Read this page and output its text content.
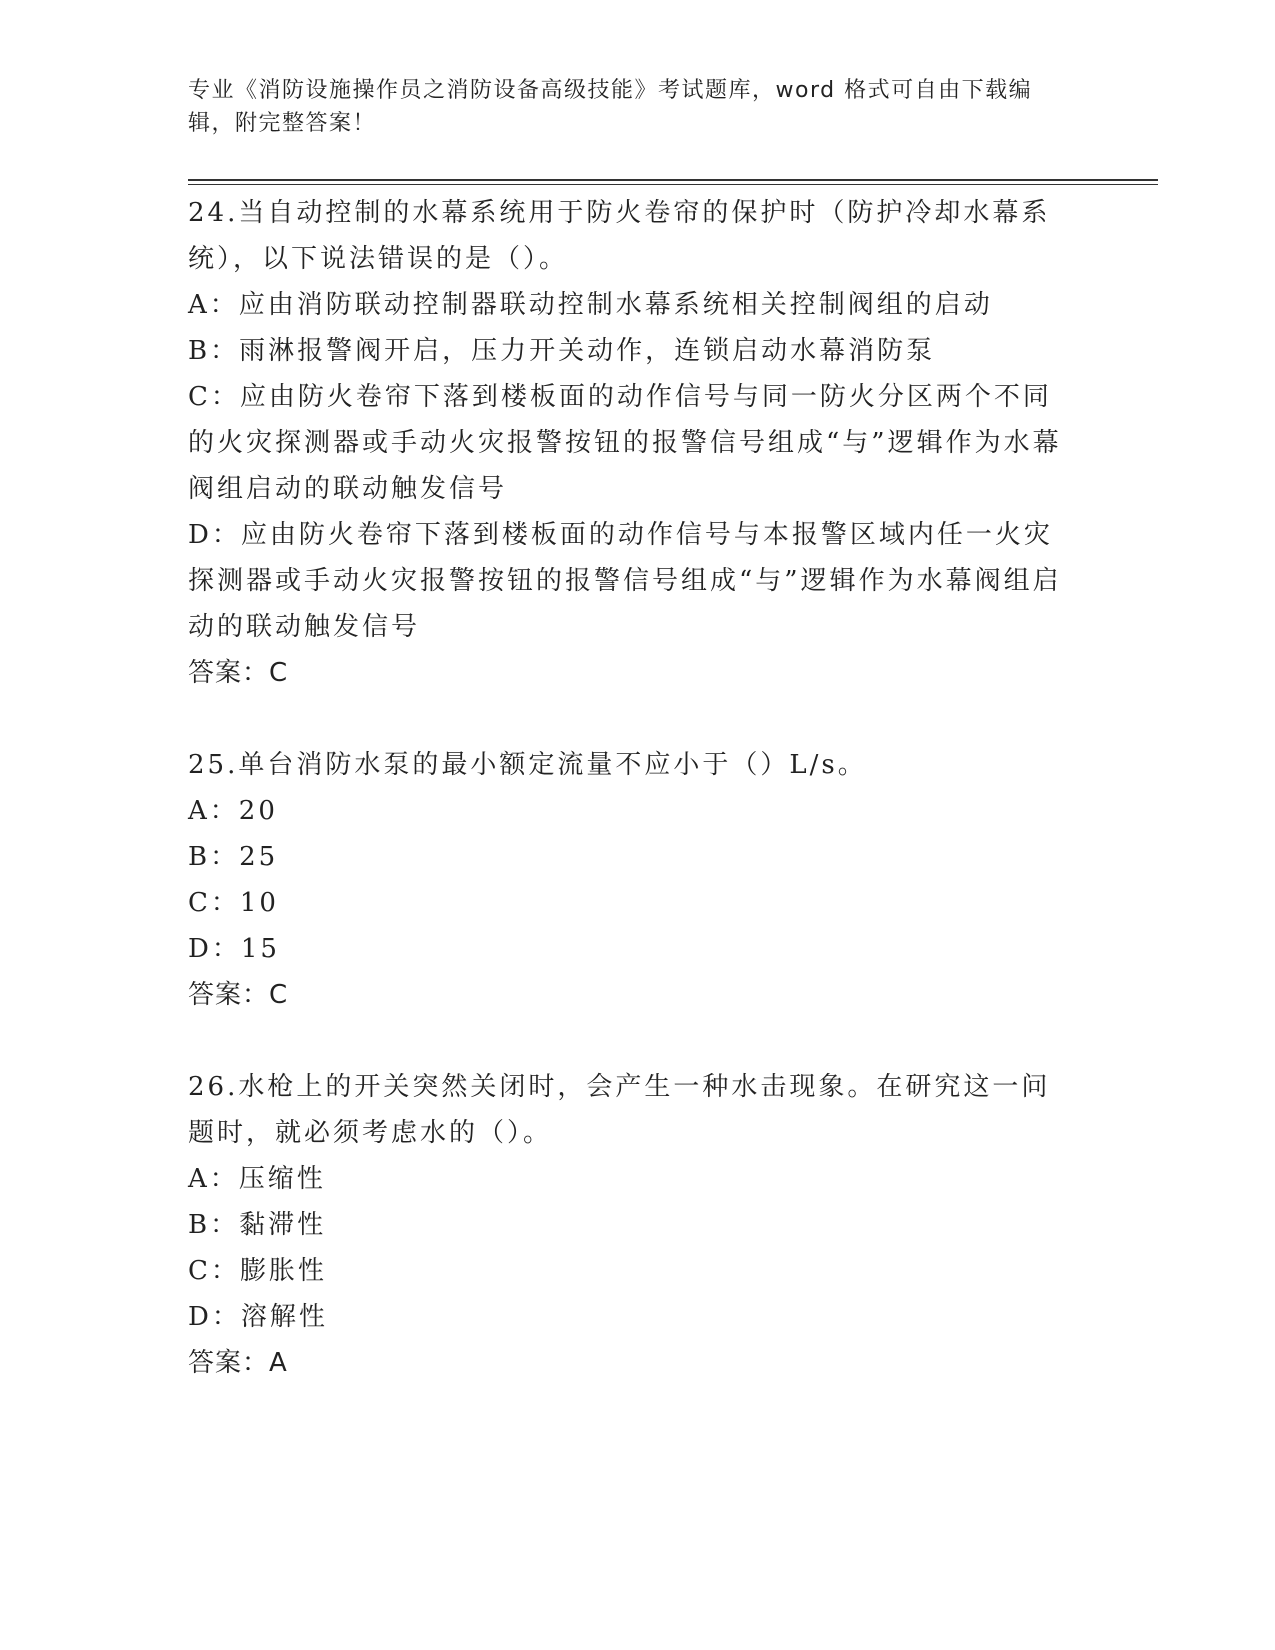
专业《消防设施操作员之消防设备高级技能》考试题库，word 格式可自由下载编辑，附完整答案！

24.当自动控制的水幕系统用于防火卷帘的保护时（防护冷却水幕系统），以下说法错误的是（）。

A：应由消防联动控制器联动控制水幕系统相关控制阀组的启动

B：雨淋报警阀开启，压力开关动作，连锁启动水幕消防泵

C：应由防火卷帘下落到楼板面的动作信号与同一防火分区两个不同的火灾探测器或手动火灾报警按钮的报警信号组成“与”逻辑作为水幕阀组启动的联动触发信号

D：应由防火卷帘下落到楼板面的动作信号与本报警区域内任一火灾探测器或手动火灾报警按钮的报警信号组成“与”逻辑作为水幕阀组启动的联动触发信号

答案：C

25.单台消防水泵的最小额定流量不应小于（）L/s。

A：20

B：25

C：10

D：15

答案：C

26.水枪上的开关突然关闭时，会产生一种水击现象。在研究这一问题时，就必须考虑水的（）。

A：压缩性

B：黏滞性

C：膨胀性

D：溶解性

答案：A
